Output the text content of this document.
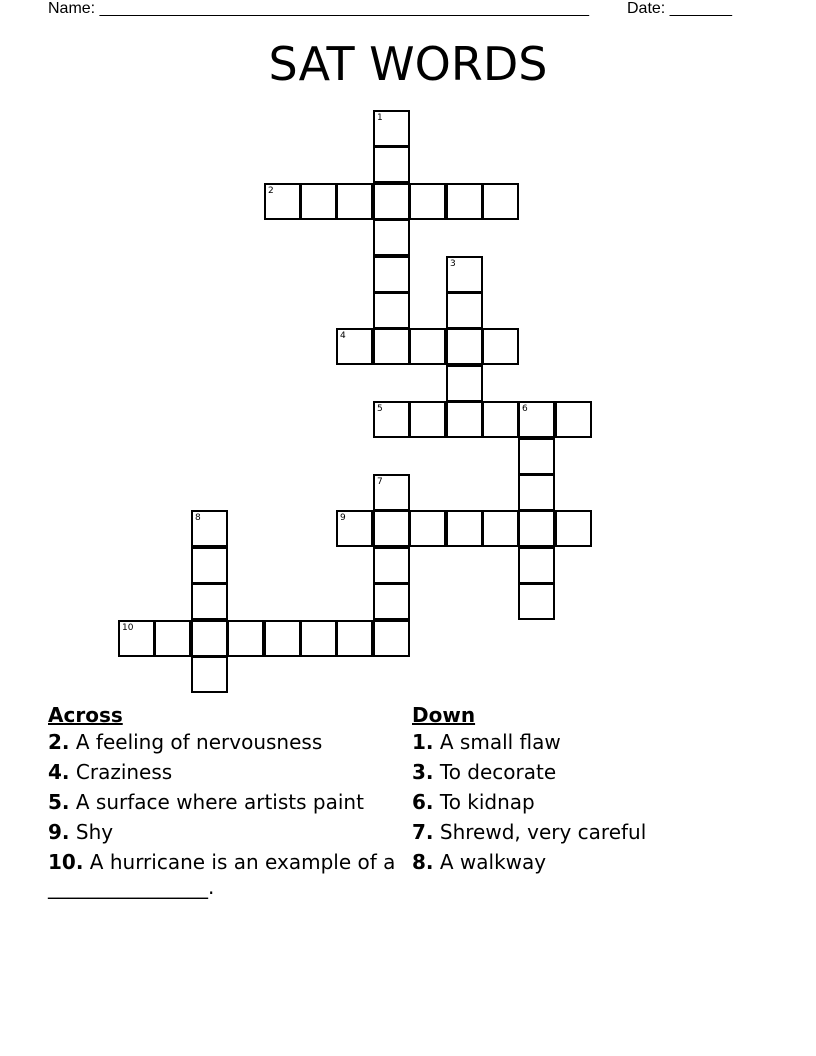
Name: _______________________________________________________ Date: _______
SAT WORDS
1
2
3
4
5	6
7
8	9
10
Across
2. A feeling of nervousness
4. Craziness
5. A surface where artists paint
9. Shy
10. A hurricane is an example of a ________________.
Down
1. A small flaw
3. To decorate
6. To kidnap
7. Shrewd, very careful
8. A walkway
